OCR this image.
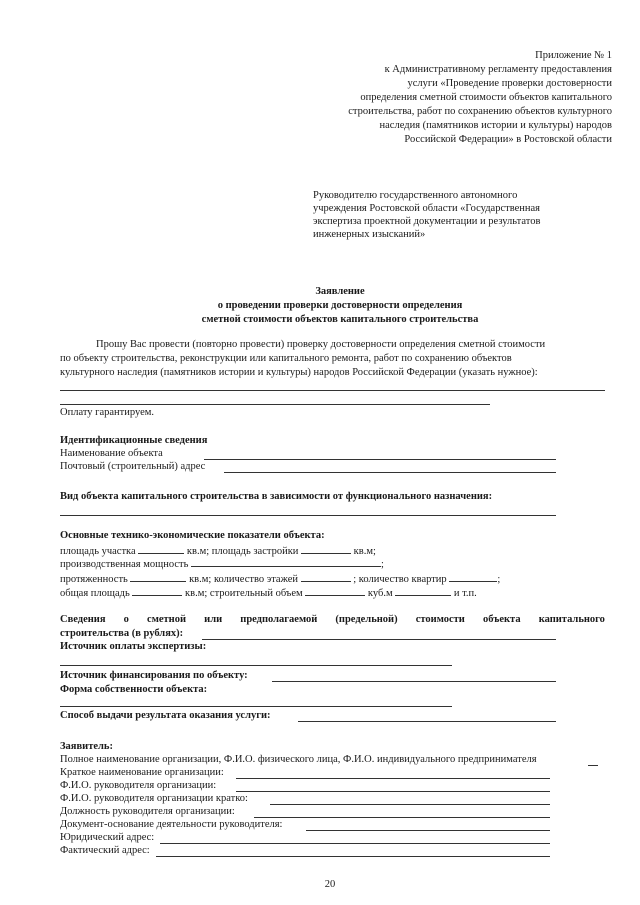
Приложение № 1
к Административному регламенту предоставления
услуги «Проведение проверки достоверности
определения сметной стоимости объектов капитального
строительства, работ по сохранению объектов культурного
наследия (памятников истории и культуры) народов
Российской Федерации» в Ростовской области
Руководителю государственного автономного
учреждения Ростовской области «Государственная
экспертиза проектной документации и результатов
инженерных изысканий»
Заявление
о проведении проверки достоверности определения
сметной стоимости объектов капитального строительства
Прошу Вас провести (повторно провести) проверку достоверности определения сметной стоимости
по объекту строительства, реконструкции или капитального ремонта, работ по сохранению объектов
культурного наследия (памятников истории и культуры) народов Российской Федерации (указать нужное):
Оплату гарантируем.
Идентификационные сведения
Наименование объекта
Почтовый (строительный) адрес
Вид объекта капитального строительства в зависимости от функционального назначения:
Основные технико-экономические показатели объекта:
площадь участка	кв.м; площадь застройки	кв.м;
производственная мощность	;
протяженность	кв.м; количество этажей	; количество квартир	;
общая площадь	кв.м; строительный объем	куб.м	и т.п.
Сведения о сметной или предполагаемой (предельной) стоимости объекта капитального
строительства (в рублях):
Источник оплаты экспертизы:
Источник финансирования по объекту:
Форма собственности объекта:
Способ выдачи результата оказания услуги:
Заявитель:
Полное наименование организации, Ф.И.О. физического лица, Ф.И.О. индивидуального предпринимателя
Краткое наименование организации:
Ф.И.О. руководителя организации:
Ф.И.О. руководителя организации кратко:
Должность руководителя организации:
Документ-основание деятельности руководителя:
Юридический адрес:
Фактический адрес:
20
